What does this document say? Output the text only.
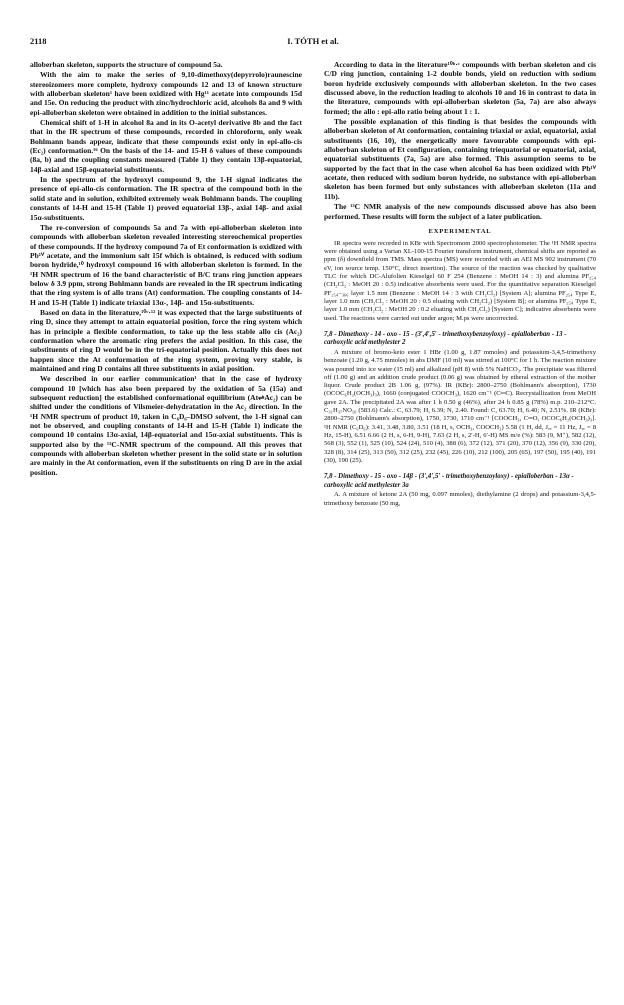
2118	I. TÓTH et al.

alloberban skeleton, supports the structure of compound 5a.

With the aim to make the series of 9,10-dimethoxy(depyrrolo)raunescine stereoizomers more complete, hydroxy compounds 12 and 13 of known structure with alloberban skeleton¹ have been oxidized with Hg¹¹ acetate into compounds 15d and 15e. On reducing the product with zinc/hydrochloric acid, alcohols 8a and 9 with epi-alloberban skeleton were obtained in addition to the initial substances.

Chemical shift of 1-H in alcohol 8a and in its O-acetyl derivative 8b and the fact that in the IR spectrum of these compounds, recorded in chloroform, only weak Bohlmann bands appear, indicate that these compounds exist only in epi-allo-cis (Ec₂) conformation.¹⁶ On the basis of the 14- and 15-H δ values of these compounds (8a, b) and the coupling constants measured (Table 1) they contain 13β-equatorial, 14β-axial and 15β-equatorial substituents.

In the spectrum of the hydroxyl compound 9, the 1-H signal indicates the presence of epi-allo-cis conformation. The IR spectra of the compound both in the solid state and in solution, exhibited extremely weak Bohlmann bands. The coupling constants of 14-H and 15-H (Table 1) proved equatorial 13β-, axial 14β- and axial 15α-substituents.

The re-conversion of compounds 5a and 7a with epi-alloberban skeleton into compounds with alloberban skeleton revealed interesting stereochemical properties of these compounds. If the hydroxy compound 7a of Et conformation is oxidized with Pb¹ⱽ acetate, and the immonium salt 15f which is obtained, is reduced with sodium boron hydride,¹⁰ hydroxyl compound 16 with alloberban skeleton is formed. In the ¹H NMR spectrum of 16 the band characteristic of B/C trans ring junction appears below δ 3.9 ppm, strong Bohlmann bands are revealed in the IR spectrum indicating that the ring system is of allo trans (At) conformation. The coupling constants of 14-H and 15-H (Table 1) indicate triaxial 13α-, 14β- and 15α-substituents.

Based on data in the literature,¹⁰ᶜ·¹² it was expected that the large substituents of ring D, since they attempt to attain equatorial position, force the ring system which has in principle a flexible conformation, to take up the less stable allo cis (Ac₂) conformation where the aromatic ring prefers the axial position. In this case, the substituents of ring D would be in the tri-equatorial position. Actually this does not happen since the At conformation of the ring system, proving very stable, is maintained and ring D contains all three substituents in axial position.

We described in our earlier communication¹ that in the case of hydroxy compound 10 [which has also been prepared by the oxidation of 5a (15a) and subsequent reduction] the established conformational equilibrium (At⇌Ac₂) can be shifted under the conditions of Vilsmeier-dehydratation in the Ac₂ direction. In the ¹H NMR spectrum of product 10, taken in C₆D₆–DMSO solvent, the 1-H signal can not be observed, and coupling constants of 14-H and 15-H (Table 1) indicate the compound 10 contains 13α-axial, 14β-equatorial and 15α-axial substituents. This is supported also by the ¹³C-NMR spectrum of the compound. All this proves that compounds with alloberban skeleton whether present in the solid state or in solution are mainly in the At conformation, even if the substituents on ring D are in the axial position.

According to data in the literature¹⁰ᵇ·ᶜ compounds with berban skeleton and cis C/D ring junction, containing 1-2 double bonds, yield on reduction with sodium boron hydride exclusively compounds with alloberban skeleton. In the two cases discussed above, in the reduction leading to alcohols 10 and 16 in contrast to data in the literature, compounds with epi-alloberban skeleton (5a, 7a) are also always formed; the allo : epi-allo ratio being about 1 : 1.

The possible explanation of this finding is that besides the compounds with alloberban skeleton of At conformation, containing triaxial or axial, equatorial, axial substituents (16, 10), the energetically more favourable compounds with epi-alloberban skeleton of Et configuration, containing triequatorial or equatorial, axial, equatorial substituents (7a, 5a) are also formed. This assumption seems to be supported by the fact that in the case when alcohol 6a has been oxidized with Pb¹ⱽ acetate, then reduced with sodium boron hydride, no substance with epi-alloberban skeleton has been formed but only substances with alloberban skeleton (11a and 11b).

The ¹³C NMR analysis of the new compounds discussed above has also been performed. These results will form the subject of a later publication.

EXPERIMENTAL

IR spectra were recorded in KBr with Spectromom 2000 spectrophotometer. The ¹H NMR spectra were obtained using a Varian XL-100-15 Fourier transform instrument, chemical shifts are reported as ppm (δ) downfield from TMS. Mass spectra (MS) were recorded with an AEI MS 902 instrument (70 eV, ion source temp. 150°C, direct insertion). The source of the reaction was checked by qualitative TLC for which DC-Alufolien Kieselgel 60 F 254 (Benzene : MeOH 14 : 3) and alumina PF₂₅₄ (CH₂Cl₂ : MeOH 20 : 0.5) indicative absorbents were used. For the quantitative separation Kieselgel PF₂₅₄₋₃₆₆ layer 1.5 mm (Benzene : MeOH 14 : 3 with CH₂Cl₂) [System A]; alumina PF₂₅₄ Type E, layer 1.0 mm (CH₂Cl₂ : MeOH 20 : 0.5 eluating with CH₂Cl₂) [System B]; or alumina PF₂₅₄ Type E, layer 1.0 mm (CH₂Cl₂ : MeOH 20 : 0.2 eluating with CH₂Cl₂) [System C]; indicative absorbents were used. The reactions were carried out under argon; M.ps were uncorrected.

7,8 - Dimethoxy - 14 - oxo - 15 - (3′,4′,5′ - trimethoxybenzoyloxy) - epialloberban - 13 - carboxylic acid methylester 2

A mixture of bromo-keto ester 1 HBr (1.00 g, 1.87 mmoles) and potassium-3,4,5-trimethoxy benzoate (1.20 g, 4.75 mmoles) in abs DMF (10 ml) was stirred at 100°C for 1 h. The reaction mixture was poured into ice water (15 ml) and alkalized (pH 8) with 5% NaHCO₃. The precipitate was filtered off (1.00 g) and an addition crude product (0.06 g) was obtained by etheral extraction of the mother liquor. Crude product 2B 1.06 g, (97%). IR (KBr): 2800–2750 (Bohlmann's absorption), 1730 (OCOC₆H₂(OCH₃)₃), 1660 (conjugated COOCH₃), 1620 cm⁻¹ (C═C). Recrystallization from MeOH gave 2A. The precipitated 2A was after 1 h 0.50 g (46%), after 24 h 0.85 g (78%) m.p. 210–212°C. C₃₁H₃₇NO₁₀ (583.6) Calc.: C, 63.79; H, 6.39; N, 2.40. Found: C, 63.70; H, 6.40; N, 2.51%. IR (KBr): 2800–2750 (Bohlmann's absorption), 1750, 1730, 1710 cm⁻¹ [COOCH₃, C═O, OCOC₆H₂(OCH₃)₃]. ¹H NMR (C₆D₆): 3.41, 3.48, 3.80, 3.51 (18 H, s, OCH₃, COOCH₃) 5.58 (1 H, dd, Jₐₐ = 11 Hz, Jₐₑ = 8 Hz, 15-H), 6.51 6.66 (2 H, s, 6-H, 9-H), 7.63 (2 H, s, 2′-H, 6′-H) MS m/e (%): 583 (9, M⁺), 582 (12), 568 (3), 552 (1), 525 (10), 524 (24), 510 (4), 388 (6), 372 (12), 371 (20), 370 (12), 356 (9), 330 (20), 328 (8), 314 (25), 313 (50), 312 (25), 232 (45), 226 (10), 212 (100), 205 (65), 197 (50), 195 (40), 191 (30), 190 (25).

7,8 - Dimethoxy - 15 - oxo - 14β - (3′,4′,5′ - trimethoxybenzoyloxy) - epialloberban - 13α - carboxylic acid methylester 3a

A. A mixture of ketone 2A (50 mg, 0.097 mmoles), diethylamine (2 drops) and potassium-3,4,5-trimethoxy benzoate (50 mg,
